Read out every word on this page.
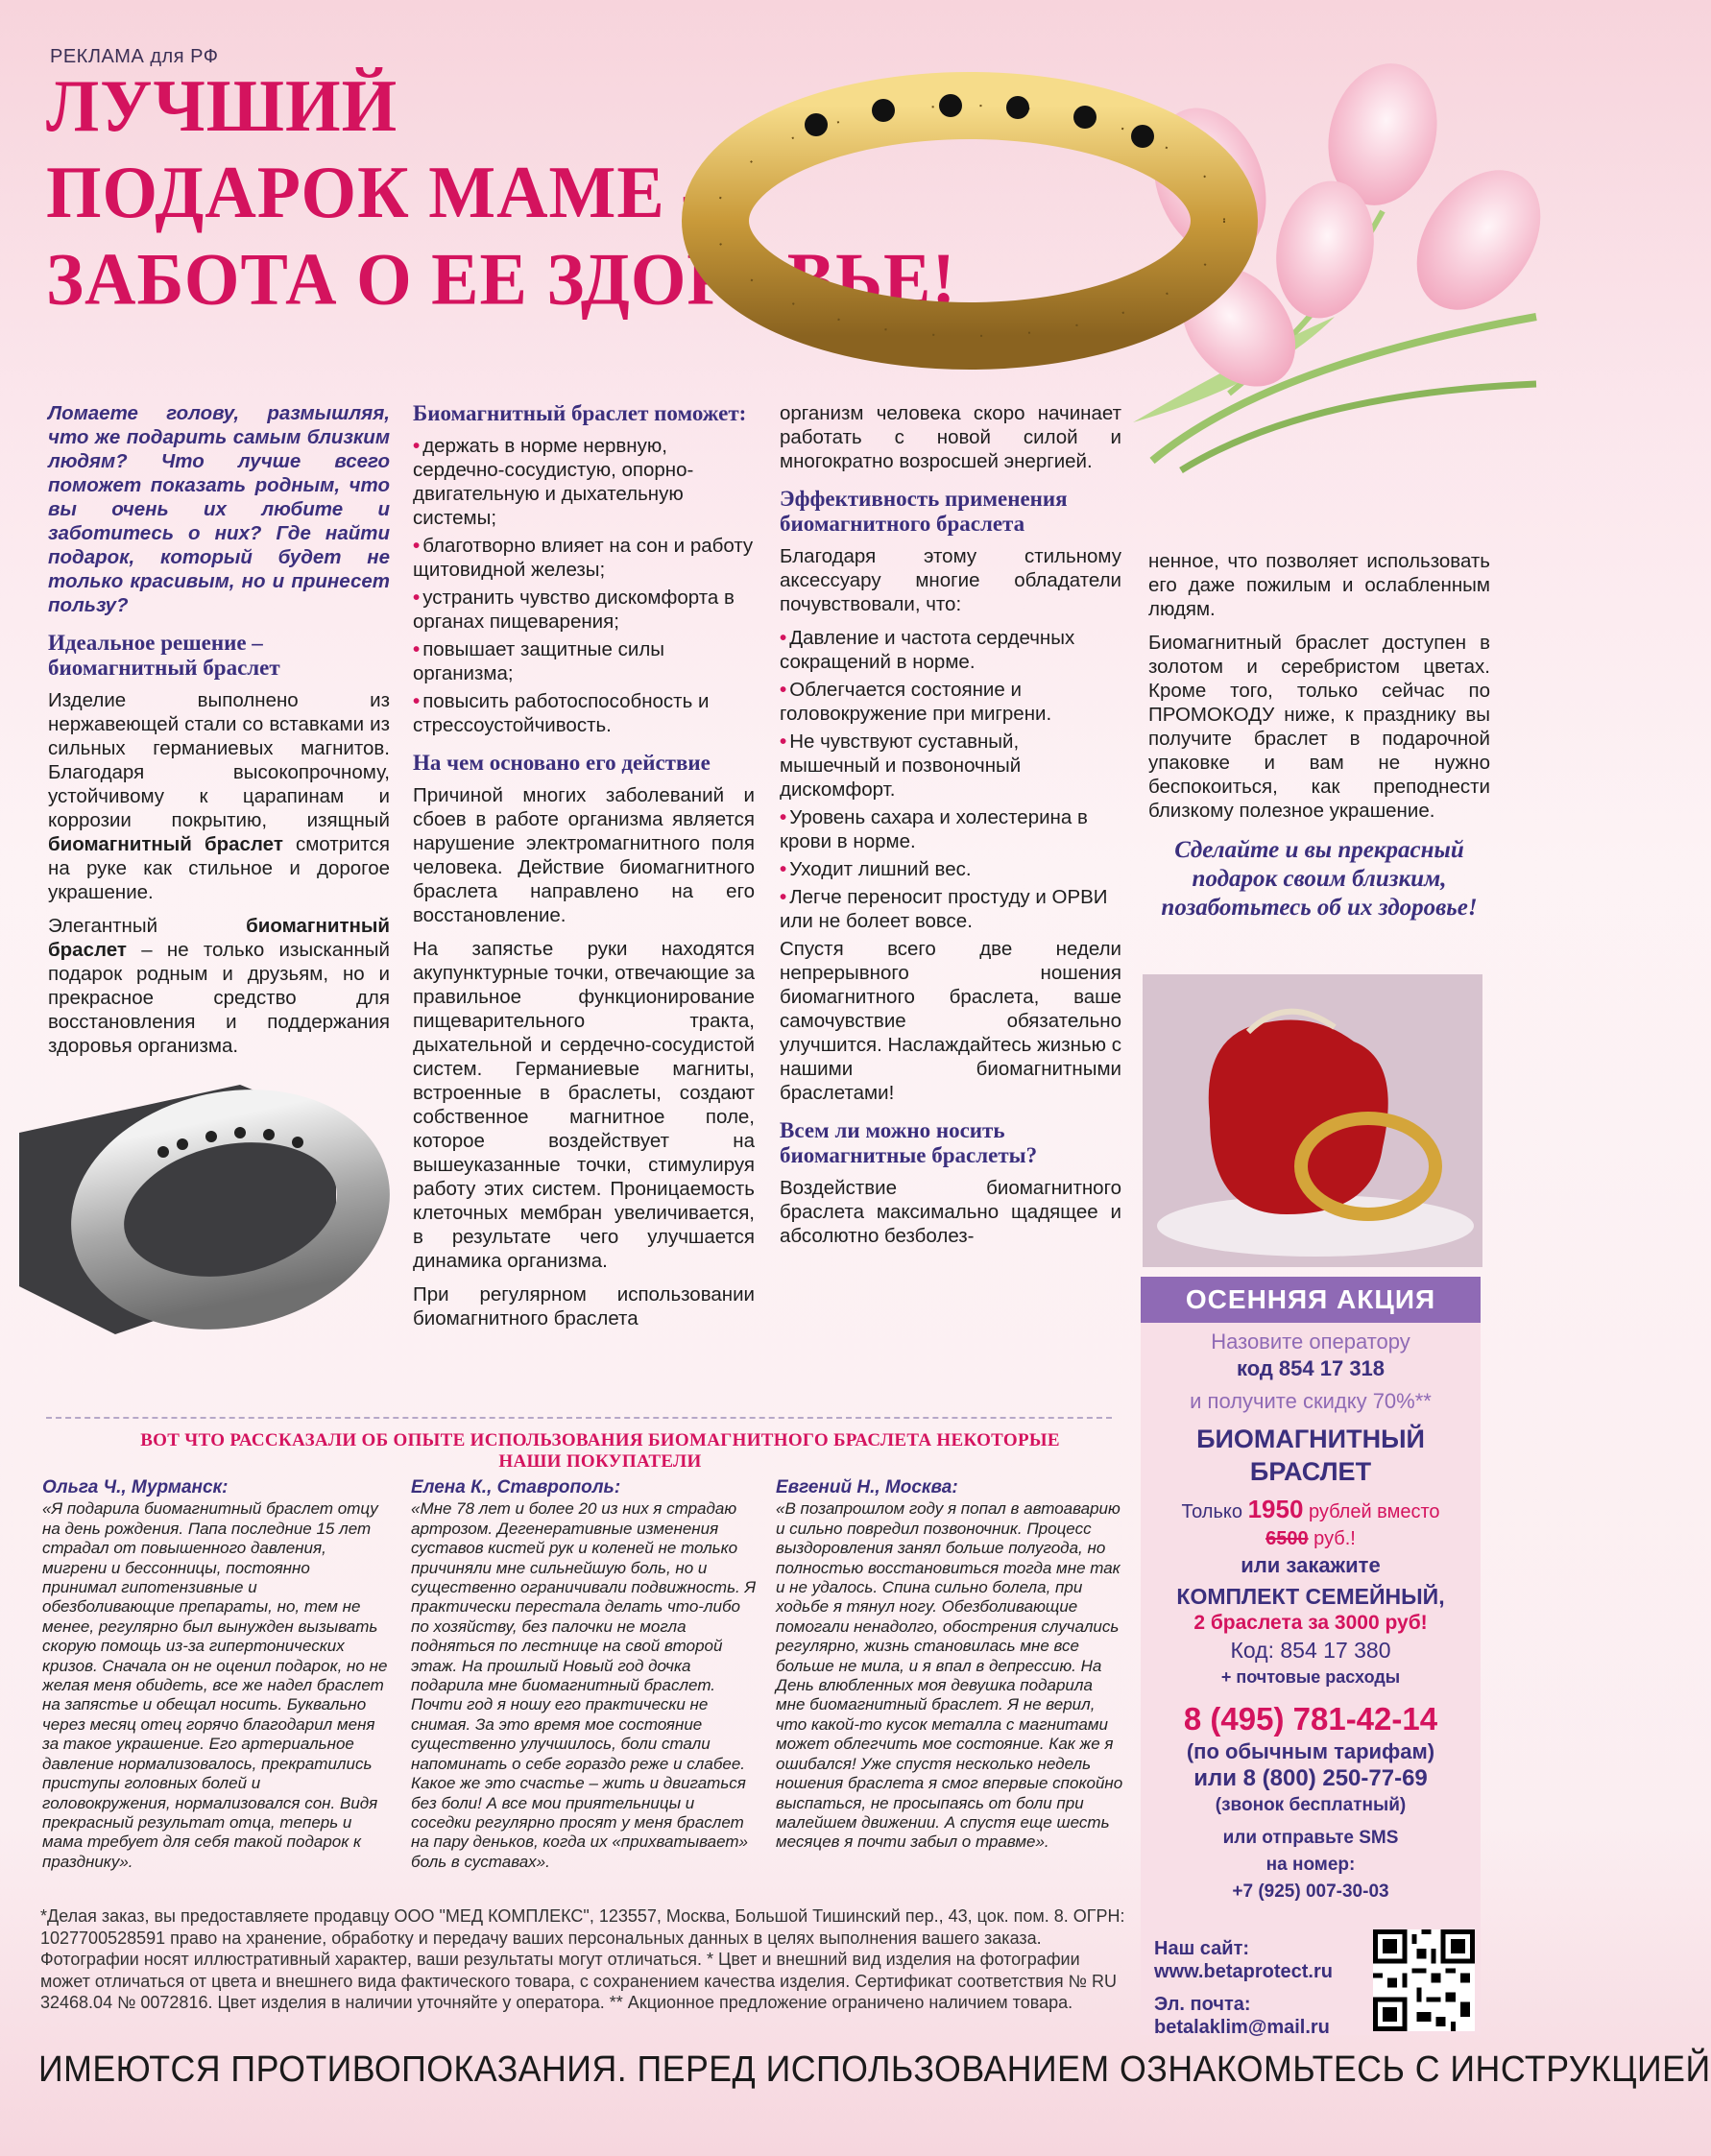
РЕКЛАМА для РФ
ЛУЧШИЙ
ПОДАРОК МАМЕ –
ЗАБОТА О ЕЕ ЗДОРОВЬЕ!

Ломаете голову, размышляя, что же подарить самым близким людям? Что лучше всего поможет показать родным, что вы очень их любите и заботитесь о них? Где найти подарок, который будет не только красивым, но и принесет пользу?

Идеальное решение – биомагнитный браслет

Изделие выполнено из нержавеющей стали со вставками из сильных германиевых магнитов. Благодаря высокопрочному, устойчивому к царапинам и коррозии покрытию, изящный биомагнитный браслет смотрится на руке как стильное и дорогое украшение.

Элегантный	биомагнитный браслет – не только изысканный подарок родным и друзьям, но и прекрасное средство для восстановления и поддержания здоровья организма.

Биомагнитный браслет поможет:
• держать в норме нервную, сердечно-сосудистую, опорно-двигательную и дыхательную системы;
• благотворно влияет на сон и работу щитовидной железы;
• устранить чувство дискомфорта в органах пищеварения;
• повышает защитные силы организма;
• повысить работоспособность и стрессоустойчивость.
На чем основано его действие

Причиной многих заболеваний и сбоев в работе организма является нарушение электромагнитного поля человека. Действие биомагнитного браслета направлено на его восстановление.

На запястье руки находятся акупунктурные точки, отвечающие за правильное функционирование пищеварительного тракта, дыхательной и сердечно-сосудистой систем. Германиевые магниты, встроенные в браслеты, создают собственное магнитное поле, которое воздействует на вышеуказанные точки, стимулируя работу этих систем. Проницаемость клеточных мембран увеличивается, в результате чего улучшается динамика организма.

При регулярном использовании биомагнитного браслета

организм человека скоро начинает работать с новой силой и многократно возросшей энергией.

Эффективность применения биомагнитного браслета

Благодаря этому стильному аксессуару многие обладатели почувствовали, что:

• Давление и частота сердечных сокращений в норме.
• Облегчается состояние и головокружение при мигрени.
• Не чувствуют суставный, мышечный и позвоночный дискомфорт.
• Уровень сахара и холестерина в крови в норме.
• Уходит лишний вес.
• Легче переносит простуду и ОРВИ или не болеет вовсе.

Спустя всего две недели непрерывного ношения биомагнитного браслета, ваше самочувствие обязательно улучшится. Наслаждайтесь жизнью с нашими биомагнитными браслетами!

Всем ли можно носить биомагнитные браслеты?

Воздействие биомагнитного браслета максимально щадящее и абсолютно безболез-

ненное, что позволяет использовать его даже пожилым и ослабленным людям.

Биомагнитный браслет доступен в золотом и серебристом цветах. Кроме того, только сейчас по ПРОМОКОДУ ниже, к празднику вы получите браслет в подарочной упаковке и вам не нужно беспокоиться, как преподнести близкому полезное украшение.

Сделайте и вы прекрасный подарок своим близким, позаботьтесь об их здоровье!
ОСЕННЯЯ АКЦИЯ
Назовите оператору
код 854 17 318
и получите скидку 70%**
БИОМАГНИТНЫЙ
БРАСЛЕТ
Только 1950 рублей вместо
6500 руб.!
или закажите
КОМПЛЕКТ СЕМЕЙНЫЙ,
2 браслета за 3000 руб!
Код: 854 17 380
+ почтовые расходы
8 (495) 781-42-14
(по обычным тарифам)
или 8 (800) 250-77-69
(звонок бесплатный)
или отправьте SMS
на номер:
+7 (925) 007-30-03
Наш сайт:
www.betaprotect.ru
Эл. почта:
betalaklim@mail.ru
ВОТ ЧТО РАССКАЗАЛИ ОБ ОПЫТЕ ИСПОЛЬЗОВАНИЯ БИОМАГНИТНОГО БРАСЛЕТА НЕКОТОРЫЕ НАШИ ПОКУПАТЕЛИ
Ольга Ч., Мурманск:
«Я подарила биомагнитный браслет отцу на день рождения. Папа последние 15 лет страдал от повышенного давления, мигрени и бессонницы, постоянно принимал гипотензивные и обезболивающие препараты, но, тем не менее, регулярно был вынужден вызывать скорую помощь из-за гипертонических кризов. Сначала он не оценил подарок, но не желая меня обидеть, все же надел браслет на запястье и обещал носить. Буквально через месяц отец горячо благодарил меня за такое украшение. Его артериальное давление нормализовалось, прекратились приступы головных болей и головокружения, нормализовался сон. Видя прекрасный результат отца, теперь и мама требует для себя такой подарок к празднику».
Елена К., Ставрополь:
«Мне 78 лет и более 20 из них я страдаю артрозом. Дегенеративные изменения суставов кистей рук и коленей не только причиняли мне сильнейшую боль, но и существенно ограничивали подвижность. Я практически перестала делать что-либо по хозяйству, без палочки не могла подняться по лестнице на свой второй этаж. На прошлый Новый год дочка подарила мне биомагнитный браслет. Почти год я ношу его практически не снимая. За это время мое состояние существенно улучшилось, боли стали напоминать о себе гораздо реже и слабее. Какое же это счастье – жить и двигаться без боли! А все мои приятельницы и соседки регулярно просят у меня браслет на пару деньков, когда их «прихватывает» боль в суставах».
Евгений Н., Москва:
«В позапрошлом году я попал в автоаварию и сильно повредил позвоночник. Процесс выздоровления занял больше полугода, но полностью восстановиться тогда мне так и не удалось. Спина сильно болела, при ходьбе я тянул ногу. Обезболивающие помогали ненадолго, обострения случались регулярно, жизнь становилась мне все больше не мила, и я впал в депрессию. На День влюбленных моя девушка подарила мне биомагнитный браслет. Я не верил, что какой-то кусок металла с магнитами может облегчить мое состояние. Как же я ошибался! Уже спустя несколько недель ношения браслета я смог впервые спокойно выспаться, не просыпаясь от боли при малейшем движении. А спустя еще шесть месяцев я почти забыл о травме».
*Делая заказ, вы предоставляете продавцу ООО "МЕД КОМПЛЕКС", 123557, Москва, Большой Тишинский пер., 43, цок. пом. 8. ОГРН: 1027700528591 право на хранение, обработку и передачу ваших персональных данных в целях выполнения вашего заказа. Фотографии носят иллюстративный характер, ваши результаты могут отличаться. * Цвет и внешний вид изделия на фотографии может отличаться от цвета и внешнего вида фактического товара, с сохранением качества изделия. Сертификат соответствия № RU 32468.04 № 0072816. Цвет изделия в наличии уточняйте у оператора. ** Акционное предложение ограничено наличием товара.
ИМЕЮТСЯ ПРОТИВОПОКАЗАНИЯ. ПЕРЕД ИСПОЛЬЗОВАНИЕМ ОЗНАКОМЬТЕСЬ С ИНСТРУКЦИЕЙ
